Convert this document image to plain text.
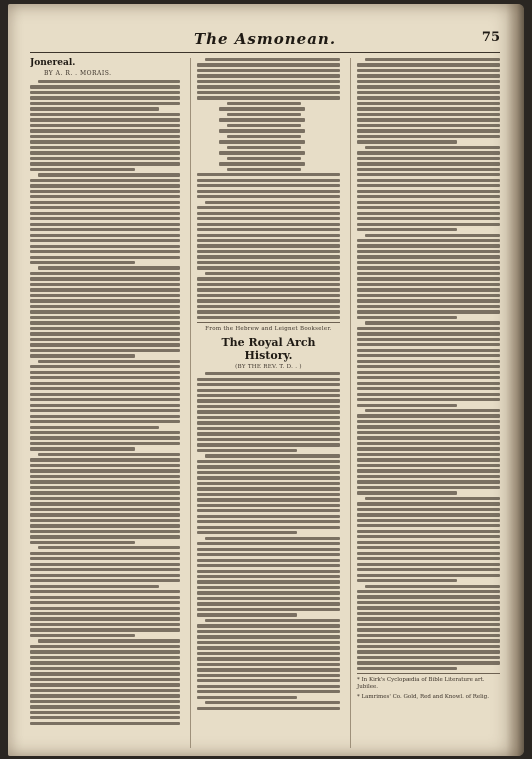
The Asmonean.	75
Jonereal.
BY A. R. . MORAIS.
From the Hebrew and Leignet Bookseler.
The Royal Arch History.
(BY THE REV. T. D. . )
* In Kirk's Cyclopædia of Bible Literature art. Jubilee.
* Lamrimes' Co. Gold, Red and Knowl. of Relig.
